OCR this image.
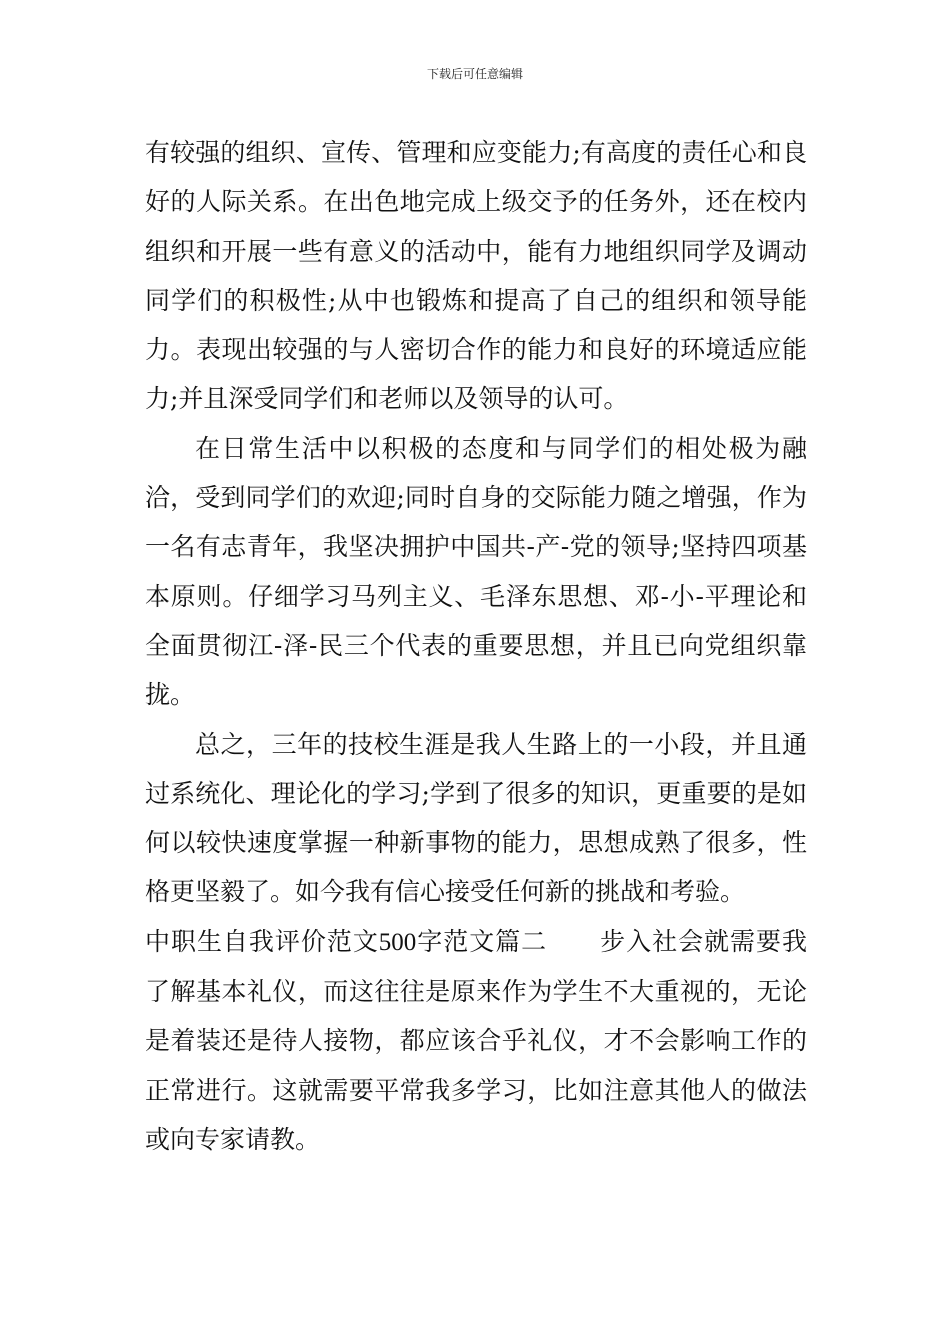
下载后可任意编辑

有较强的组织、宣传、管理和应变能力;有高度的责任心和良好的人际关系。在出色地完成上级交予的任务外，还在校内组织和开展一些有意义的活动中，能有力地组织同学及调动同学们的积极性;从中也锻炼和提高了自己的组织和领导能力。表现出较强的与人密切合作的能力和良好的环境适应能力;并且深受同学们和老师以及领导的认可。

在日常生活中以积极的态度和与同学们的相处极为融洽，受到同学们的欢迎;同时自身的交际能力随之增强，作为一名有志青年，我坚决拥护中国共-产-党的领导;坚持四项基本原则。仔细学习马列主义、毛泽东思想、邓-小-平理论和全面贯彻江-泽-民三个代表的重要思想，并且已向党组织靠拢。

总之，三年的技校生涯是我人生路上的一小段，并且通过系统化、理论化的学习;学到了很多的知识，更重要的是如何以较快速度掌握一种新事物的能力，思想成熟了很多，性格更坚毅了。如今我有信心接受任何新的挑战和考验。

中职生自我评价范文500字范文篇二 步入社会就需要我了解基本礼仪，而这往往是原来作为学生不大重视的，无论是着装还是待人接物，都应该合乎礼仪，才不会影响工作的正常进行。这就需要平常我多学习，比如注意其他人的做法或向专家请教。
